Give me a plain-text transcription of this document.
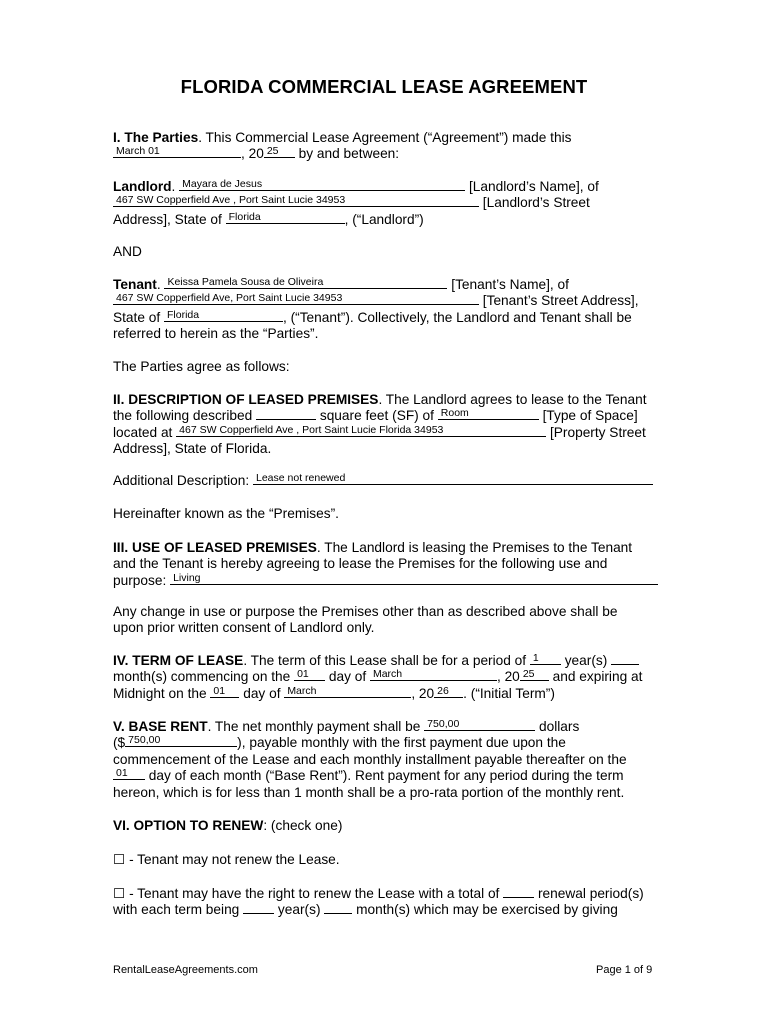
FLORIDA COMMERCIAL LEASE AGREEMENT
I. The Parties. This Commercial Lease Agreement (“Agreement”) made this
March 01	, 20 25 by and between:
Landlord. Mayara de Jesus	[Landlord’s Name], of
467 SW Copperfield Ave , Port Saint Lucie 34953	[Landlord’s Street
Address], State of Florida	, (“Landlord”)
AND
Tenant. Keissa Pamela Sousa de Oliveira	[Tenant’s Name], of
467 SW Copperfield Ave, Port Saint Lucie 34953	[Tenant’s Street Address],
State of Florida	, (“Tenant”). Collectively, the Landlord and Tenant shall be
referred to herein as the “Parties”.
The Parties agree as follows:
II. DESCRIPTION OF LEASED PREMISES. The Landlord agrees to lease to the Tenant
the following described	square feet (SF) of Room	[Type of Space]
located at 467 SW Copperfield Ave , Port Saint Lucie Florida 34953	[Property Street
Address], State of Florida.
Additional Description: Lease not renewed
Hereinafter known as the “Premises”.
III. USE OF LEASED PREMISES. The Landlord is leasing the Premises to the Tenant
and the Tenant is hereby agreeing to lease the Premises for the following use and
purpose: Living
Any change in use or purpose the Premises other than as described above shall be
upon prior written consent of Landlord only.
IV. TERM OF LEASE. The term of this Lease shall be for a period of 1 year(s)
month(s) commencing on the 01 day of March	, 20 25 and expiring at
Midnight on the 01 day of March	, 20 26 . (“Initial Term”)
V. BASE RENT. The net monthly payment shall be 750,00	dollars
($ 750,00	), payable monthly with the first payment due upon the
commencement of the Lease and each monthly installment payable thereafter on the
01 day of each month (“Base Rent”). Rent payment for any period during the term
hereon, which is for less than 1 month shall be a pro-rata portion of the monthly rent.
VI. OPTION TO RENEW: (check one)
☐ - Tenant may not renew the Lease.
☐ - Tenant may have the right to renew the Lease with a total of  renewal period(s)
with each term being  year(s)  month(s) which may be exercised by giving
RentalLeaseAgreements.com	Page 1 of 9
